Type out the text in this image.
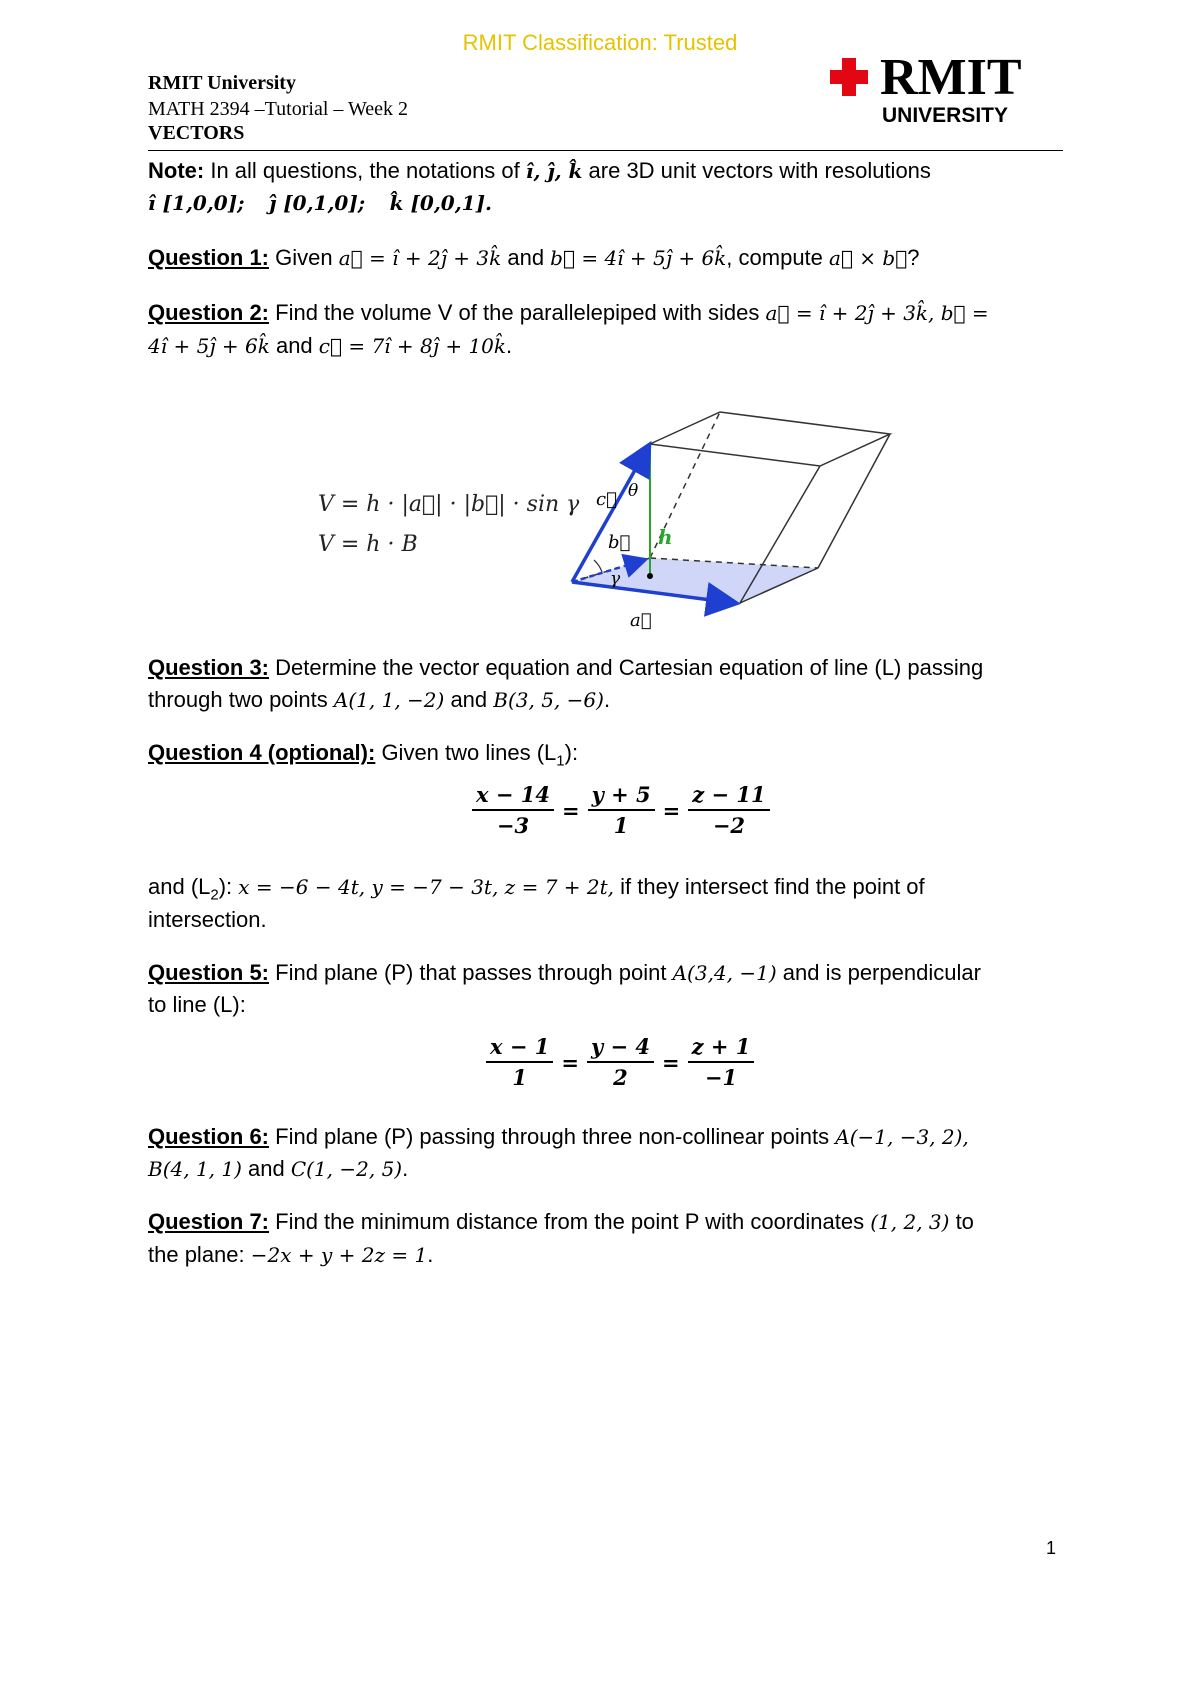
RMIT Classification: Trusted
RMIT University
MATH 2394 –Tutorial – Week 2
VECTORS
RMIT
UNIVERSITY
Note: In all questions, the notations of î, ĵ, k̂ are 3D unit vectors with resolutions
î [1,0,0]; ĵ [0,1,0]; k̂ [0,0,1].
Question 1: Given a⃗ = î + 2ĵ + 3k̂ and b⃗ = 4î + 5ĵ + 6k̂, compute a⃗ × b⃗?
Question 2: Find the volume V of the parallelepiped with sides a⃗ = î + 2ĵ + 3k̂, b⃗ =
4î + 5ĵ + 6k̂ and c⃗ = 7î + 8ĵ + 10k̂.
V = h · |a⃗| · |b⃗| · sin γ
V = h · B
c⃗ θ
b⃗ h
γ
a⃗
Question 3: Determine the vector equation and Cartesian equation of line (L) passing
through two points A(1, 1, −2) and B(3, 5, −6).
Question 4 (optional): Given two lines $(L_1)$:
$\frac{x - 14}{-3} = \frac{y + 5}{1} = \frac{z - 11}{-2}$
and $(L_2)$: x = −6 − 4t, y = −7 − 3t, z = 7 + 2t, if they intersect find the point of
intersection.
Question 5: Find plane (P) that passes through point A(3,4, −1) and is perpendicular
to line (L):
$\frac{x - 1}{1} = \frac{y - 4}{2} = \frac{z + 1}{-1}$
Question 6: Find plane (P) passing through three non-collinear points A(−1, −3, 2),
B(4, 1, 1) and C(1, −2, 5).
Question 7: Find the minimum distance from the point P with coordinates (1, 2, 3) to
the plane: −2x + y + 2z = 1.
1
